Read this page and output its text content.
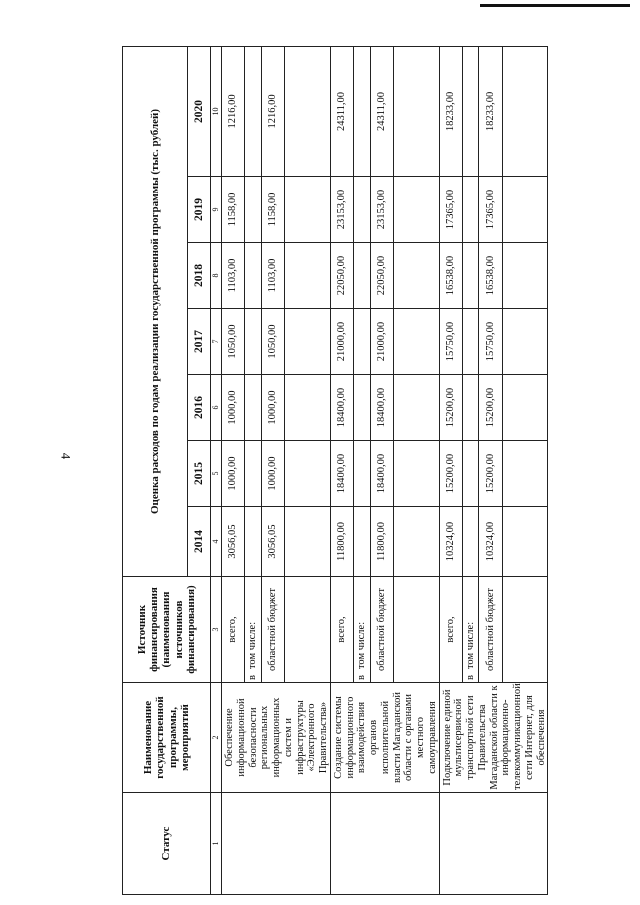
4
Статус	Наименование государственной программы, мероприятий	Источник финансирования (наименования источников финансирования)	Оценка расходов по годам реализации государственной программы (тыс. рублей)						
			2014	2015	2016	2017	2018	2019	2020
1	2	3	4	5	6	7	8	9	10
	Обеспечение информационной безопасности региональных информационных систем и инфраструктуры «Электронного Правительства»	всего,	3056,05	1000,00	1000,00	1050,00	1103,00	1158,00	1216,00
		втом числе:							
		областной бюджет	3056,05	1000,00	1000,00	1050,00	1103,00	1158,00	1216,00

	Создание системы информационного взаимодействия органов исполнительной власти Магаданской области с органами местного самоуправления	всего,	11800,00	18400,00	18400,00	21000,00	22050,00	23153,00	24311,00
		втом числе:							
		областной бюджет	11800,00	18400,00	18400,00	21000,00	22050,00	23153,00	24311,00

	Подключение единой мультисервисной транспортной сети Правительства Магаданской области к информационно-телекоммуникационной сети Интернет, для обеспечения	всего,	10324,00	15200,00	15200,00	15750,00	16538,00	17365,00	18233,00
		втом числе:							
		областной бюджет	10324,00	15200,00	15200,00	15750,00	16538,00	17365,00	18233,00
